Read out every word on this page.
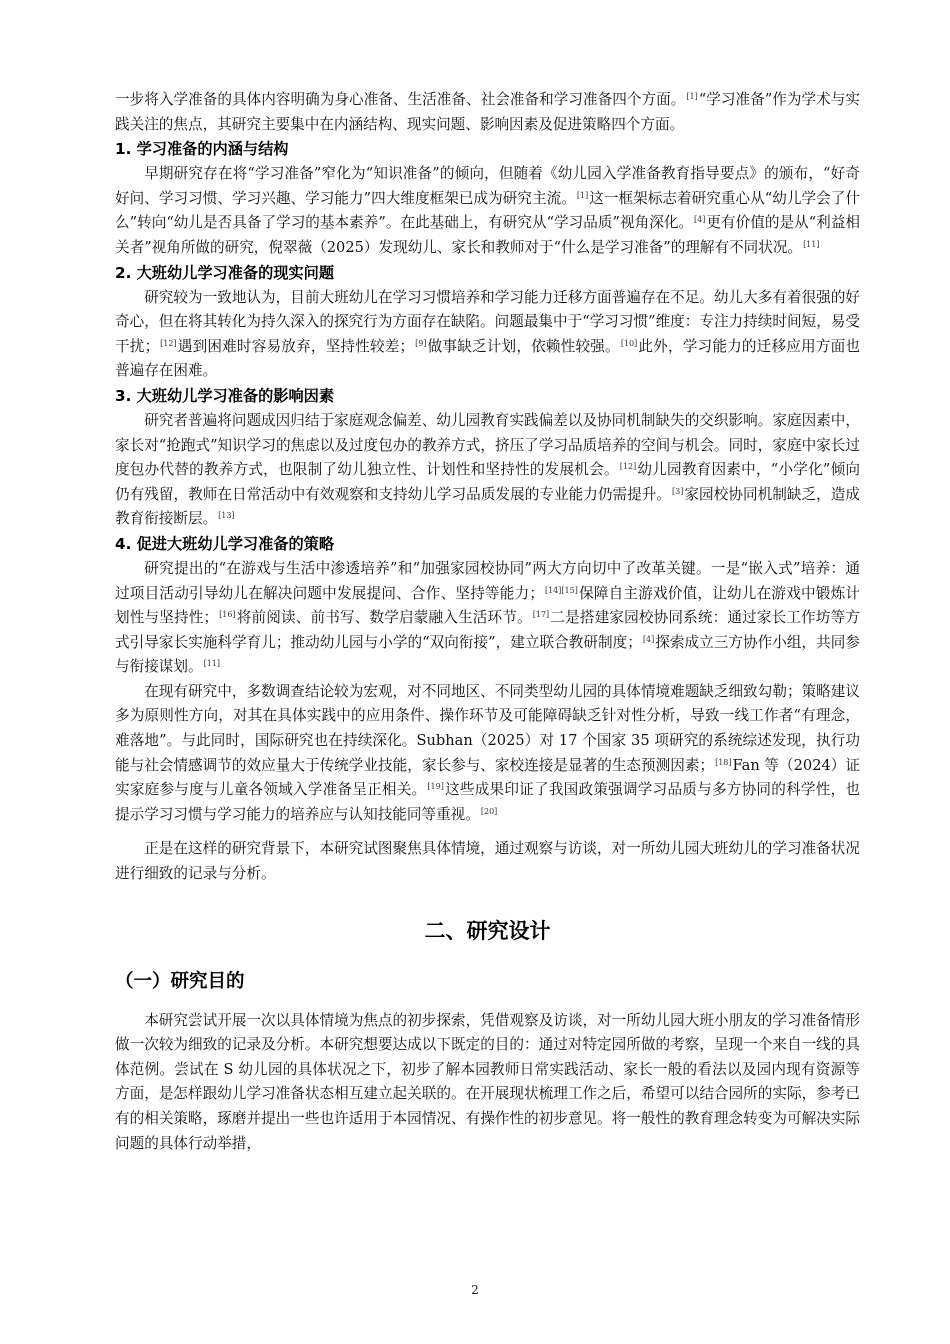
一步将入学准备的具体内容明确为身心准备、生活准备、社会准备和学习准备四个方面。[1]“学习准备”作为学术与实践关注的焦点，其研究主要集中在内涵结构、现实问题、影响因素及促进策略四个方面。

1. 学习准备的内涵与结构

早期研究存在将“学习准备”窄化为“知识准备”的倾向，但随着《幼儿园入学准备教育指导要点》的颁布，“好奇好问、学习习惯、学习兴趣、学习能力”四大维度框架已成为研究主流。[1]这一框架标志着研究重心从“幼儿学会了什么”转向“幼儿是否具备了学习的基本素养”。在此基础上，有研究从“学习品质”视角深化。[4]更有价值的是从“利益相关者”视角所做的研究，倪翠薇（2025）发现幼儿、家长和教师对于“什么是学习准备”的理解有不同状况。[11]

2. 大班幼儿学习准备的现实问题

研究较为一致地认为，目前大班幼儿在学习习惯培养和学习能力迁移方面普遍存在不足。幼儿大多有着很强的好奇心，但在将其转化为持久深入的探究行为方面存在缺陷。问题最集中于“学习习惯”维度：专注力持续时间短，易受干扰；[12]遇到困难时容易放弃，坚持性较差；[9]做事缺乏计划，依赖性较强。[10]此外，学习能力的迁移应用方面也普遍存在困难。

3. 大班幼儿学习准备的影响因素

研究者普遍将问题成因归结于家庭观念偏差、幼儿园教育实践偏差以及协同机制缺失的交织影响。家庭因素中，家长对“抢跑式”知识学习的焦虑以及过度包办的教养方式，挤压了学习品质培养的空间与机会。同时，家庭中家长过度包办代替的教养方式，也限制了幼儿独立性、计划性和坚持性的发展机会。[12]幼儿园教育因素中，“小学化”倾向仍有残留，教师在日常活动中有效观察和支持幼儿学习品质发展的专业能力仍需提升。[3]家园校协同机制缺乏，造成教育衔接断层。[13]

4. 促进大班幼儿学习准备的策略

研究提出的“在游戏与生活中渗透培养”和“加强家园校协同”两大方向切中了改革关键。一是“嵌入式”培养：通过项目活动引导幼儿在解决问题中发展提问、合作、坚持等能力；[14][15]保障自主游戏价值，让幼儿在游戏中锻炼计划性与坚持性；[16]将前阅读、前书写、数学启蒙融入生活环节。[17]二是搭建家园校协同系统：通过家长工作坊等方式引导家长实施科学育儿；推动幼儿园与小学的“双向衔接”，建立联合教研制度；[4]探索成立三方协作小组，共同参与衔接谋划。[11]

在现有研究中，多数调查结论较为宏观，对不同地区、不同类型幼儿园的具体情境难题缺乏细致勾勒；策略建议多为原则性方向，对其在具体实践中的应用条件、操作环节及可能障碍缺乏针对性分析，导致一线工作者“有理念，难落地”。与此同时，国际研究也在持续深化。Subhan（2025）对 17 个国家 35 项研究的系统综述发现，执行功能与社会情感调节的效应量大于传统学业技能，家长参与、家校连接是显著的生态预测因素；[18]Fan 等（2024）证实家庭参与度与儿童各领域入学准备呈正相关。[19]这些成果印证了我国政策强调学习品质与多方协同的科学性，也提示学习习惯与学习能力的培养应与认知技能同等重视。[20]

正是在这样的研究背景下，本研究试图聚焦具体情境，通过观察与访谈，对一所幼儿园大班幼儿的学习准备状况进行细致的记录与分析。

二、研究设计
（一）研究目的

本研究尝试开展一次以具体情境为焦点的初步探索，凭借观察及访谈，对一所幼儿园大班小朋友的学习准备情形做一次较为细致的记录及分析。本研究想要达成以下既定的目的：通过对特定园所做的考察，呈现一个来自一线的具体范例。尝试在 S 幼儿园的具体状况之下，初步了解本园教师日常实践活动、家长一般的看法以及园内现有资源等方面，是怎样跟幼儿学习准备状态相互建立起关联的。在开展现状梳理工作之后，希望可以结合园所的实际，参考已有的相关策略，琢磨并提出一些也许适用于本园情况、有操作性的初步意见。将一般性的教育理念转变为可解决实际问题的具体行动举措，

2
